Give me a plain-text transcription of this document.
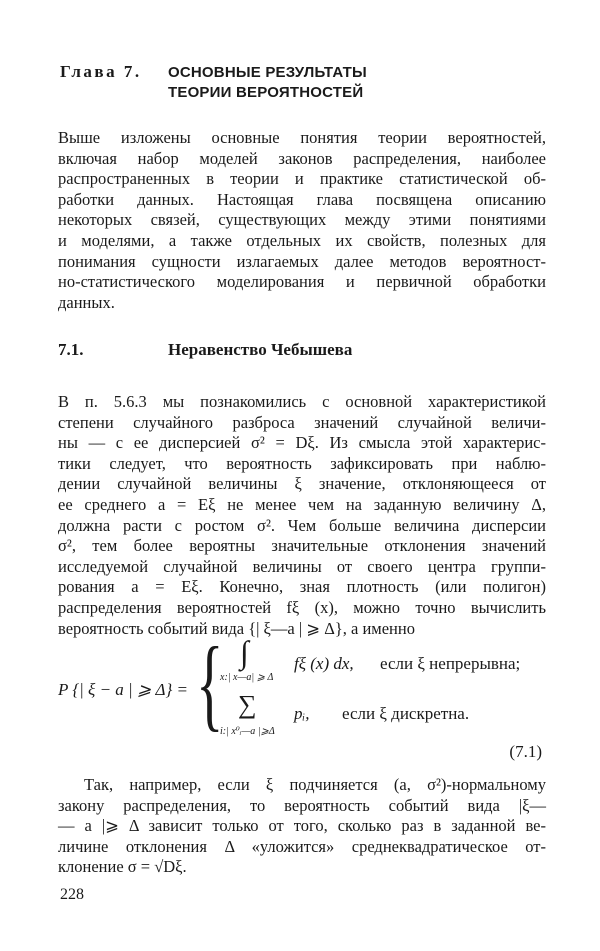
Глава 7. ОСНОВНЫЕ РЕЗУЛЬТАТЫ
ТЕОРИИ ВЕРОЯТНОСТЕЙ
Выше изложены основные понятия теории вероятностей,
включая набор моделей законов распределения, наиболее
распространенных в теории и практике статистической об-
работки данных. Настоящая глава посвящена описанию
некоторых связей, существующих между этими понятиями
и моделями, а также отдельных их свойств, полезных для
понимания сущности излагаемых далее методов вероятност-
но-статистического моделирования и первичной обработки
данных.
7.1.	Неравенство Чебышева
В п. 5.6.3 мы познакомились с основной характеристикой
степени случайного разброса значений случайной величи-
ны — с ее дисперсией σ² = Dξ. Из смысла этой характерис-
тики следует, что вероятность зафиксировать при наблю-
дении случайной величины ξ значение, отклоняющееся от
ее среднего a = Eξ не менее чем на заданную величину Δ,
должна расти с ростом σ². Чем больше величина дисперсии
σ², тем более вероятны значительные отклонения значений
исследуемой случайной величины от своего центра группи-
рования a = Eξ. Конечно, зная плотность (или полигон)
распределения вероятностей fξ (x), можно точно вычислить
вероятность событий вида {| ξ—a | ⩾ Δ}, а именно
P {| ξ − a | ⩾ Δ} = { ∫
x:| x—a| ⩾ Δ
fξ (x) dx, если ξ непрерывна;
∑
i:| x⁰ᵢ—a |⩾Δ
pᵢ, если ξ дискретна.
(7.1)
Так, например, если ξ подчиняется (a, σ²)-нормальному
закону распределения, то вероятность событий вида |ξ—
— a |⩾ Δ зависит только от того, сколько раз в заданной ве-
личине отклонения Δ «уложится» среднеквадратическое от-
клонение σ = √Dξ.
228
